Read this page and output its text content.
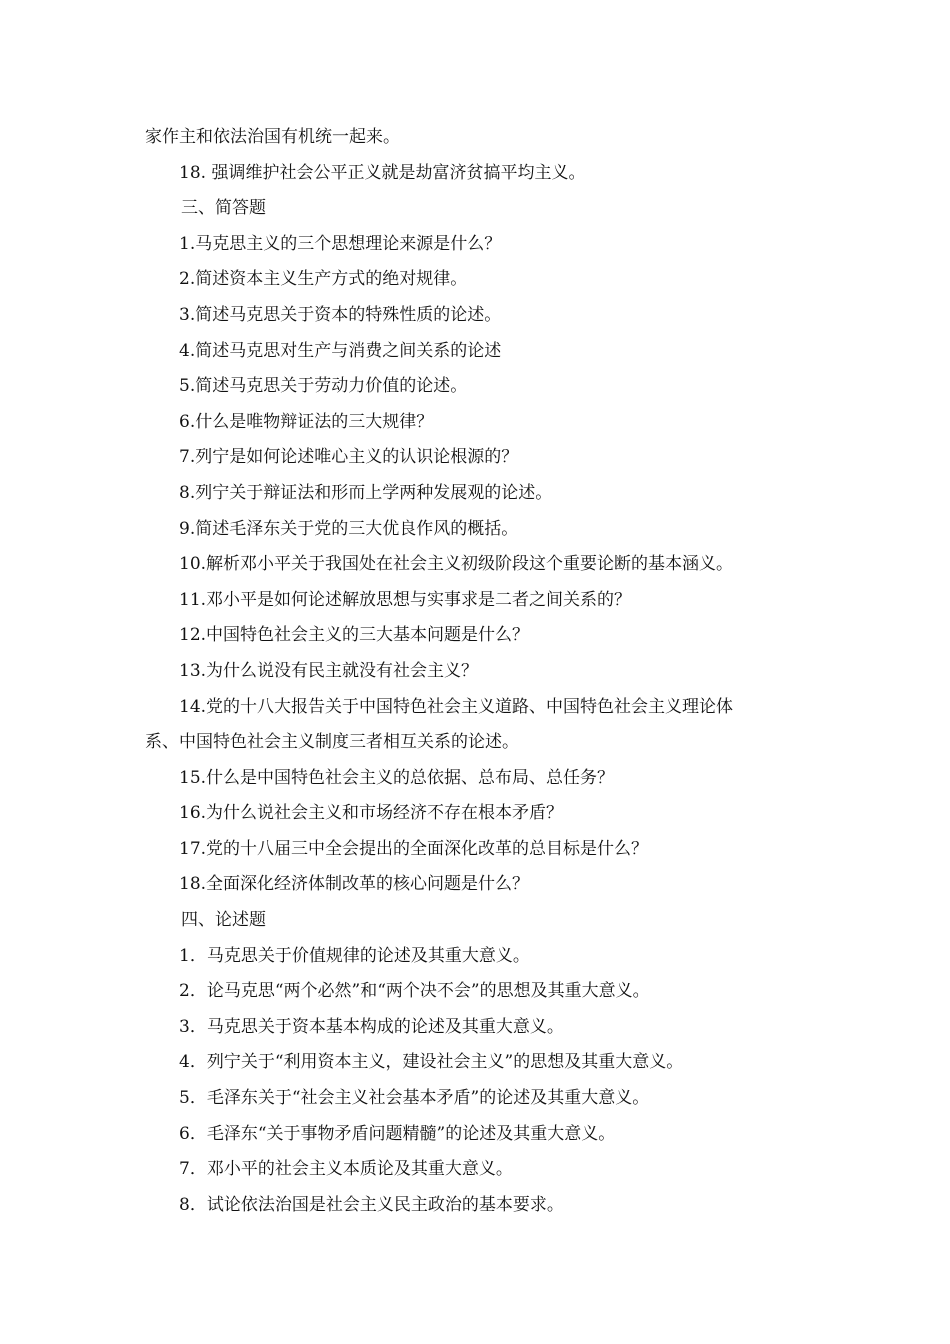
家作主和依法治国有机统一起来。
18. 强调维护社会公平正义就是劫富济贫搞平均主义。
三、简答题
1.马克思主义的三个思想理论来源是什么？
2.简述资本主义生产方式的绝对规律。
3.简述马克思关于资本的特殊性质的论述。
4.简述马克思对生产与消费之间关系的论述
5.简述马克思关于劳动力价值的论述。
6.什么是唯物辩证法的三大规律？
7.列宁是如何论述唯心主义的认识论根源的？
8.列宁关于辩证法和形而上学两种发展观的论述。
9.简述毛泽东关于党的三大优良作风的概括。
10.解析邓小平关于我国处在社会主义初级阶段这个重要论断的基本涵义。
11.邓小平是如何论述解放思想与实事求是二者之间关系的？
12.中国特色社会主义的三大基本问题是什么？
13.为什么说没有民主就没有社会主义？
14.党的十八大报告关于中国特色社会主义道路、中国特色社会主义理论体
系、中国特色社会主义制度三者相互关系的论述。
15.什么是中国特色社会主义的总依据、总布局、总任务？
16.为什么说社会主义和市场经济不存在根本矛盾？
17.党的十八届三中全会提出的全面深化改革的总目标是什么？
18.全面深化经济体制改革的核心问题是什么？
四、论述题
1．马克思关于价值规律的论述及其重大意义。
2．论马克思“两个必然”和“两个决不会”的思想及其重大意义。
3．马克思关于资本基本构成的论述及其重大意义。
4．列宁关于“利用资本主义，建设社会主义”的思想及其重大意义。
5．毛泽东关于“社会主义社会基本矛盾”的论述及其重大意义。
6．毛泽东“关于事物矛盾问题精髓”的论述及其重大意义。
7．邓小平的社会主义本质论及其重大意义。
8．试论依法治国是社会主义民主政治的基本要求。
